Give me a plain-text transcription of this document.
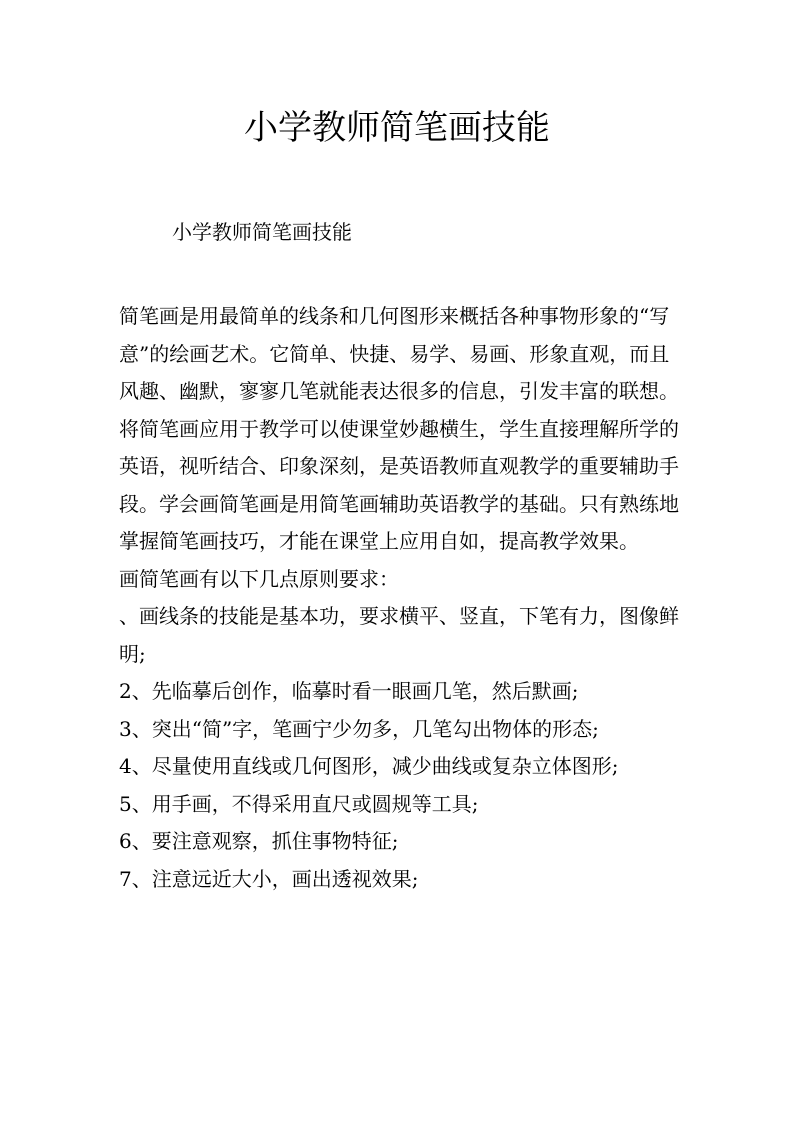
小学教师简笔画技能

小学教师简笔画技能

简笔画是用最简单的线条和几何图形来概括各种事物形象的“写意”的绘画艺术。它简单、快捷、易学、易画、形象直观，而且风趣、幽默，寥寥几笔就能表达很多的信息，引发丰富的联想。将简笔画应用于教学可以使课堂妙趣横生，学生直接理解所学的英语，视听结合、印象深刻，是英语教师直观教学的重要辅助手段。学会画简笔画是用简笔画辅助英语教学的基础。只有熟练地掌握简笔画技巧，才能在课堂上应用自如，提高教学效果。

画简笔画有以下几点原则要求：

、画线条的技能是基本功，要求横平、竖直，下笔有力，图像鲜明;

2、先临摹后创作，临摹时看一眼画几笔，然后默画;

3、突出“简”字，笔画宁少勿多，几笔勾出物体的形态;

4、尽量使用直线或几何图形，减少曲线或复杂立体图形;

5、用手画，不得采用直尺或圆规等工具;

6、要注意观察，抓住事物特征;

7、注意远近大小，画出透视效果;
